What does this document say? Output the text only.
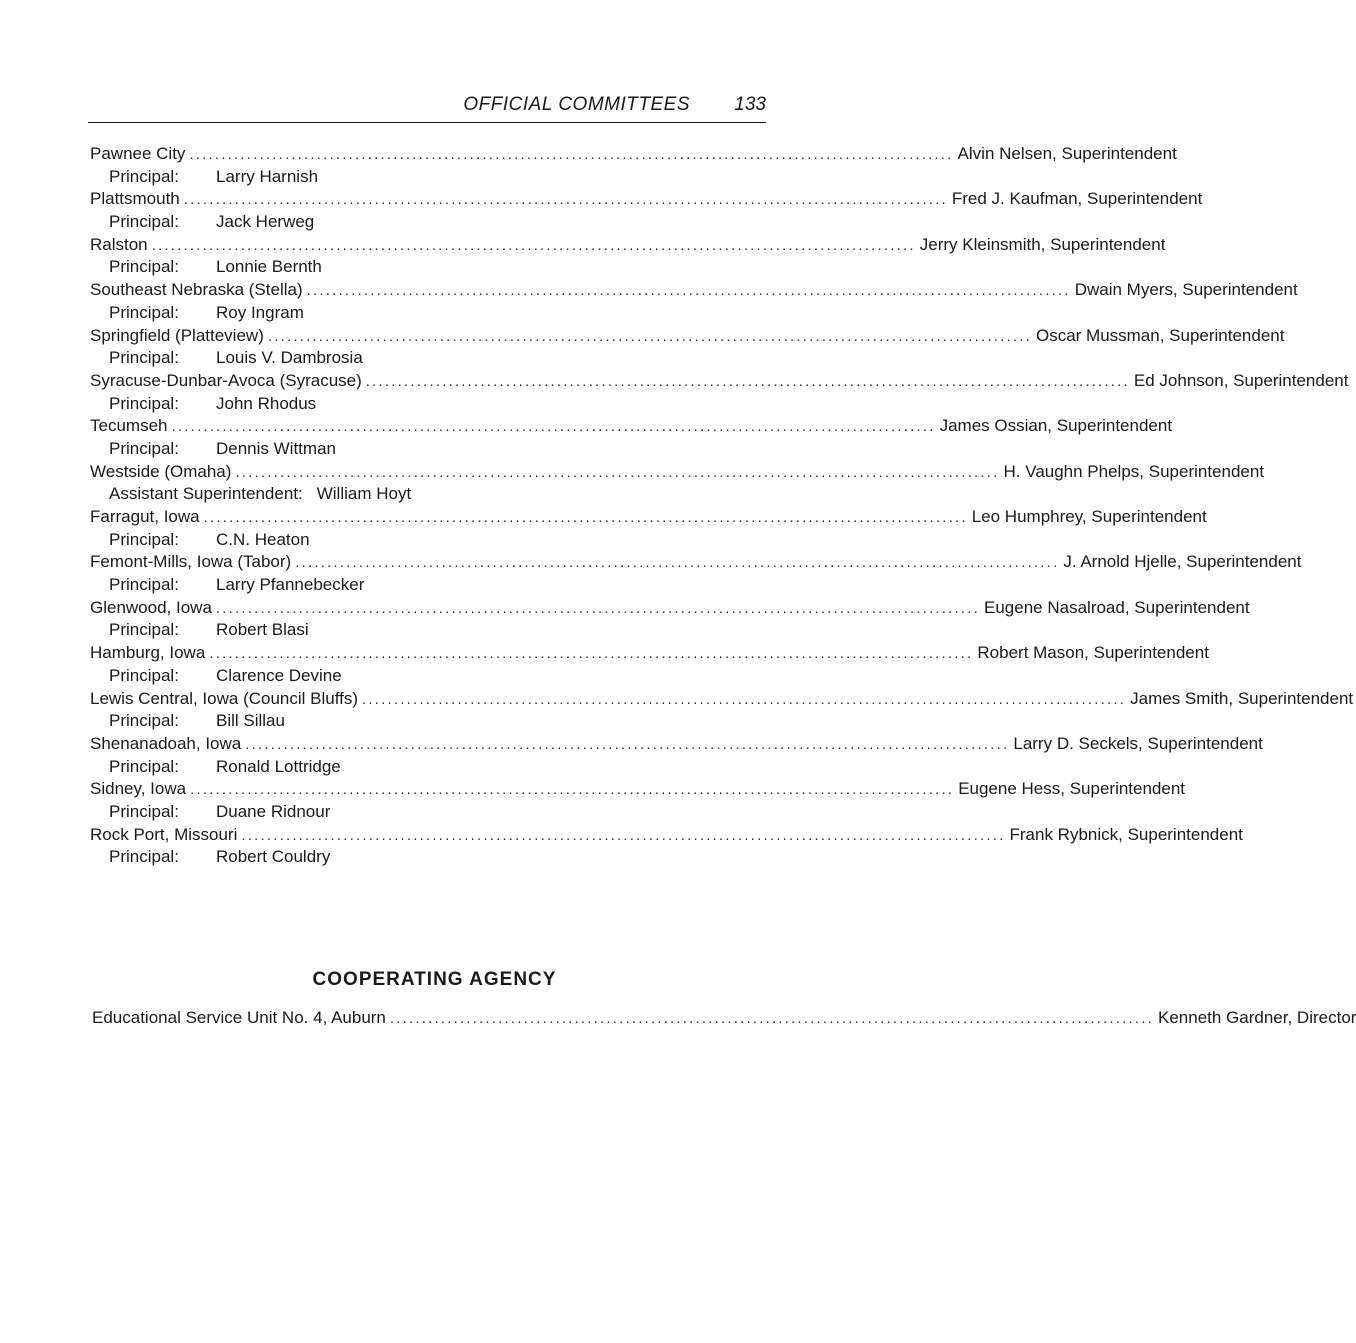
OFFICIAL COMMITTEES 133
Pawnee City ........................................................................................................................ Alvin Nelsen, Superintendent
Principal: Larry Harnish
Plattsmouth ........................................................................................................................ Fred J. Kaufman, Superintendent
Principal: Jack Herweg
Ralston ........................................................................................................................ Jerry Kleinsmith, Superintendent
Principal: Lonnie Bernth
Southeast Nebraska (Stella) ........................................................................................................................ Dwain Myers, Superintendent
Principal: Roy Ingram
Springfield (Platteview) ........................................................................................................................ Oscar Mussman, Superintendent
Principal: Louis V. Dambrosia
Syracuse-Dunbar-Avoca (Syracuse) ........................................................................................................................ Ed Johnson, Superintendent
Principal: John Rhodus
Tecumseh ........................................................................................................................ James Ossian, Superintendent
Principal: Dennis Wittman
Westside (Omaha) ........................................................................................................................ H. Vaughn Phelps, Superintendent
Assistant Superintendent: William Hoyt
Farragut, Iowa ........................................................................................................................ Leo Humphrey, Superintendent
Principal: C.N. Heaton
Femont-Mills, Iowa (Tabor) ........................................................................................................................ J. Arnold Hjelle, Superintendent
Principal: Larry Pfannebecker
Glenwood, Iowa ........................................................................................................................ Eugene Nasalroad, Superintendent
Principal: Robert Blasi
Hamburg, Iowa ........................................................................................................................ Robert Mason, Superintendent
Principal: Clarence Devine
Lewis Central, Iowa (Council Bluffs) ........................................................................................................................ James Smith, Superintendent
Principal: Bill Sillau
Shenanadoah, Iowa ........................................................................................................................ Larry D. Seckels, Superintendent
Principal: Ronald Lottridge
Sidney, Iowa ........................................................................................................................ Eugene Hess, Superintendent
Principal: Duane Ridnour
Rock Port, Missouri ........................................................................................................................ Frank Rybnick, Superintendent
Principal: Robert Couldry
COOPERATING AGENCY
Educational Service Unit No. 4, Auburn ........................................................................................................................ Kenneth Gardner, Director
